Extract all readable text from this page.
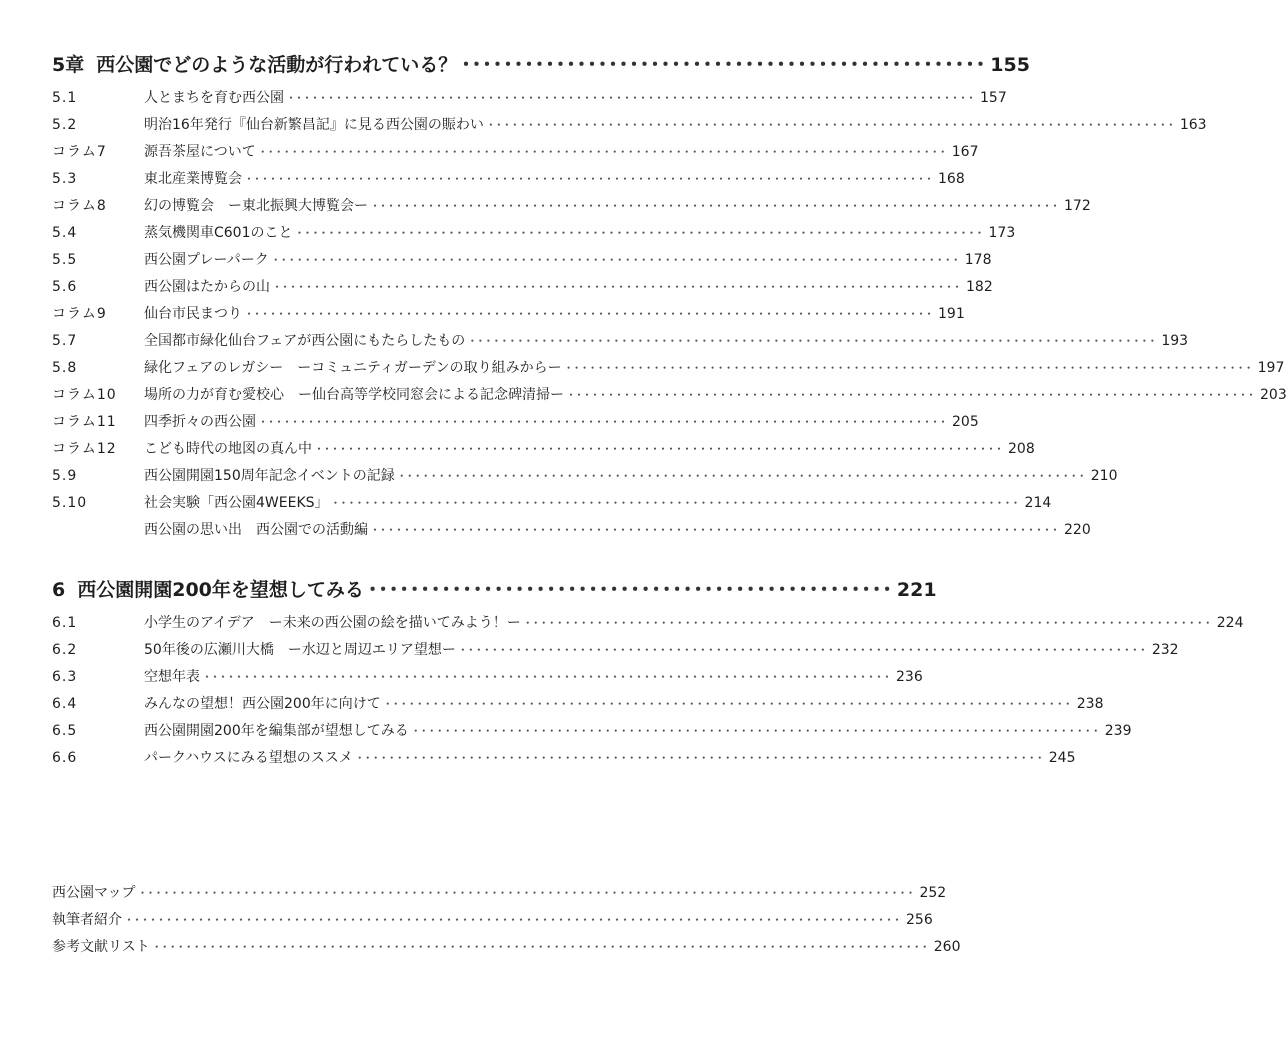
5章 西公園でどのような活動が行われている？ ･･････････････････････････････････････････････････ 155
5.1	人とまちを育む西公園 ･･････････････････････････････････････････････････････････････････････････････････････ 157
5.2	明治16年発行『仙台新繁昌記』に見る西公園の賑わい ･･････････････････････････････････････････････････････････････････････････････････････ 163
コラム7	源吾茶屋について ･･････････････････････････････････････････････････････････････････････････････････････ 167
5.3	東北産業博覧会 ･･････････････････････････････････････････････････････････････････････････････････････ 168
コラム8	幻の博覧会　ー東北振興大博覧会ー ･･････････････････････････････････････････････････････････････････････････････････････ 172
5.4	蒸気機関車C601のこと ･･････････････････････････････････････････････････････････････････････････････････････ 173
5.5	西公園プレーパーク ･･････････････････････････････････････････････････････････････････････････････････････ 178
5.6	西公園はたからの山 ･･････････････････････････････････････････････････････････････････････････････････････ 182
コラム9	仙台市民まつり ･･････････････････････････････････････････････････････････････････････････････････････ 191
5.7	全国都市緑化仙台フェアが西公園にもたらしたもの ･･････････････････････････････････････････････････････････････････････････････････････ 193
5.8	緑化フェアのレガシー　ーコミュニティガーデンの取り組みからー ･･････････････････････････････････････････････････････････････････････････････････････ 197
コラム10	場所の力が育む愛校心　ー仙台高等学校同窓会による記念碑清掃ー ･･････････････････････････････････････････････････････････････････････････････････････ 203
コラム11	四季折々の西公園 ･･････････････････････････････････････････････････････････････････････････････････････ 205
コラム12	こども時代の地図の真ん中 ･･････････････････････････････････････････････････････････････････････････････････････ 208
5.9	西公園開園150周年記念イベントの記録 ･･････････････････････････････････････････････････････････････････････････････････････ 210
5.10	社会実験「西公園4WEEKS」 ･･････････････････････････････････････････････････････････････････････････････････････ 214
西公園の思い出　西公園での活動編 ･･････････････････････････････････････････････････････････････････････････････････････ 220
6 西公園開園200年を望想してみる ･･････････････････････････････････････････････････ 221
6.1	小学生のアイデア　ー未来の西公園の絵を描いてみよう！ー ･･････････････････････････････････････････････････････････････････････････････････････ 224
6.2	50年後の広瀬川大橋　ー水辺と周辺エリア望想ー ･･････････････････････････････････････････････････････････････････････････････････････ 232
6.3	空想年表 ･･････････････････････････････････････････････････････････････････････････････････････ 236
6.4	みんなの望想！西公園200年に向けて ･･････････････････････････････････････････････････････････････････････････････････････ 238
6.5	西公園開園200年を編集部が望想してみる ･･････････････････････････････････････････････････････････････････････････････････････ 239
6.6	パークハウスにみる望想のススメ ･･････････････････････････････････････････････････････････････････････････････････････ 245
西公園マップ ･････････････････････････････････････････････････････････････････････････････････････････････････ 252
執筆者紹介 ･････････････････････････････････････････････････････････････････････････････････････････････････ 256
参考文献リスト ･････････････････････････････････････････････････････････････････････････････････････････････････ 260
